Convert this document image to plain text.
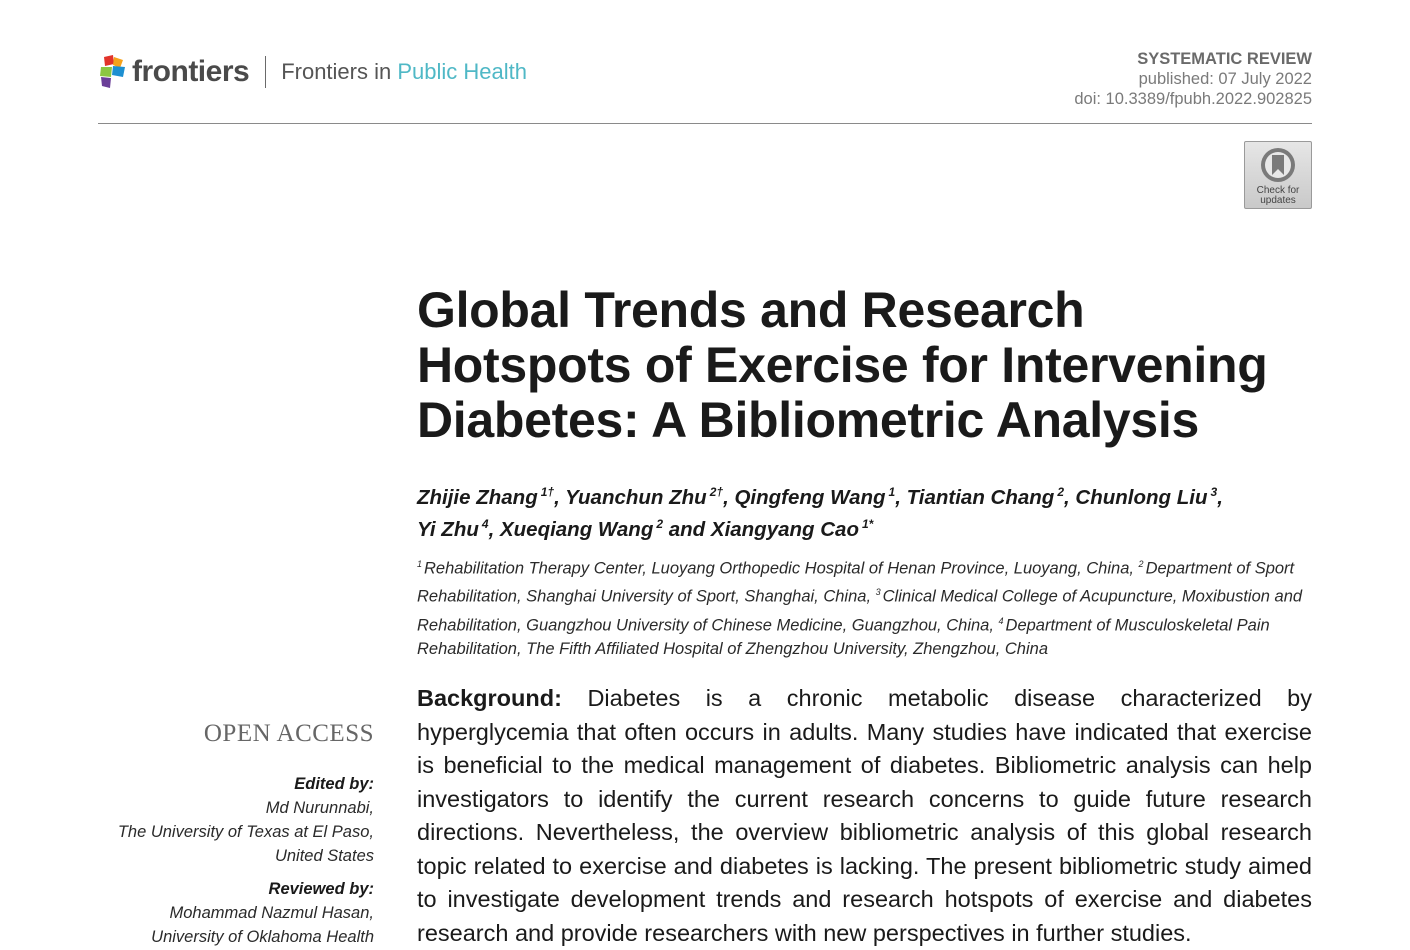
frontiers Frontiers in Public Health	SYSTEMATIC REVIEW
published: 07 July 2022
doi: 10.3389/fpubh.2022.902825
Check for
updates
Global Trends and Research
Hotspots of Exercise for Intervening
Diabetes: A Bibliometric Analysis
Zhijie Zhang $^{1\dagger}$, Yuanchun Zhu $^{2\dagger}$, Qingfeng Wang $^1$, Tiantian Chang $^2$, Chunlong Liu $^3$,
Yi Zhu $^4$, Xueqiang Wang $^2$ and Xiangyang Cao $^{1*}$
$^1$ Rehabilitation Therapy Center, Luoyang Orthopedic Hospital of Henan Province, Luoyang, China, $^2$ Department of Sport Rehabilitation, Shanghai University of Sport, Shanghai, China, $^3$ Clinical Medical College of Acupuncture, Moxibustion and Rehabilitation, Guangzhou University of Chinese Medicine, Guangzhou, China, $^4$ Department of Musculoskeletal Pain Rehabilitation, The Fifth Affiliated Hospital of Zhengzhou University, Zhengzhou, China
OPEN ACCESS
Edited by:
Md Nurunnabi,
The University of Texas at El Paso,
United States
Reviewed by:
Mohammad Nazmul Hasan,
University of Oklahoma Health

Background: Diabetes is a chronic metabolic disease characterized by hyperglycemia that often occurs in adults. Many studies have indicated that exercise is beneficial to the medical management of diabetes. Bibliometric analysis can help investigators to identify the current research concerns to guide future research directions. Nevertheless, the overview bibliometric analysis of this global research topic related to exercise and diabetes is lacking. The present bibliometric study aimed to investigate development trends and research hotspots of exercise and diabetes research and provide researchers with new perspectives in further studies.
